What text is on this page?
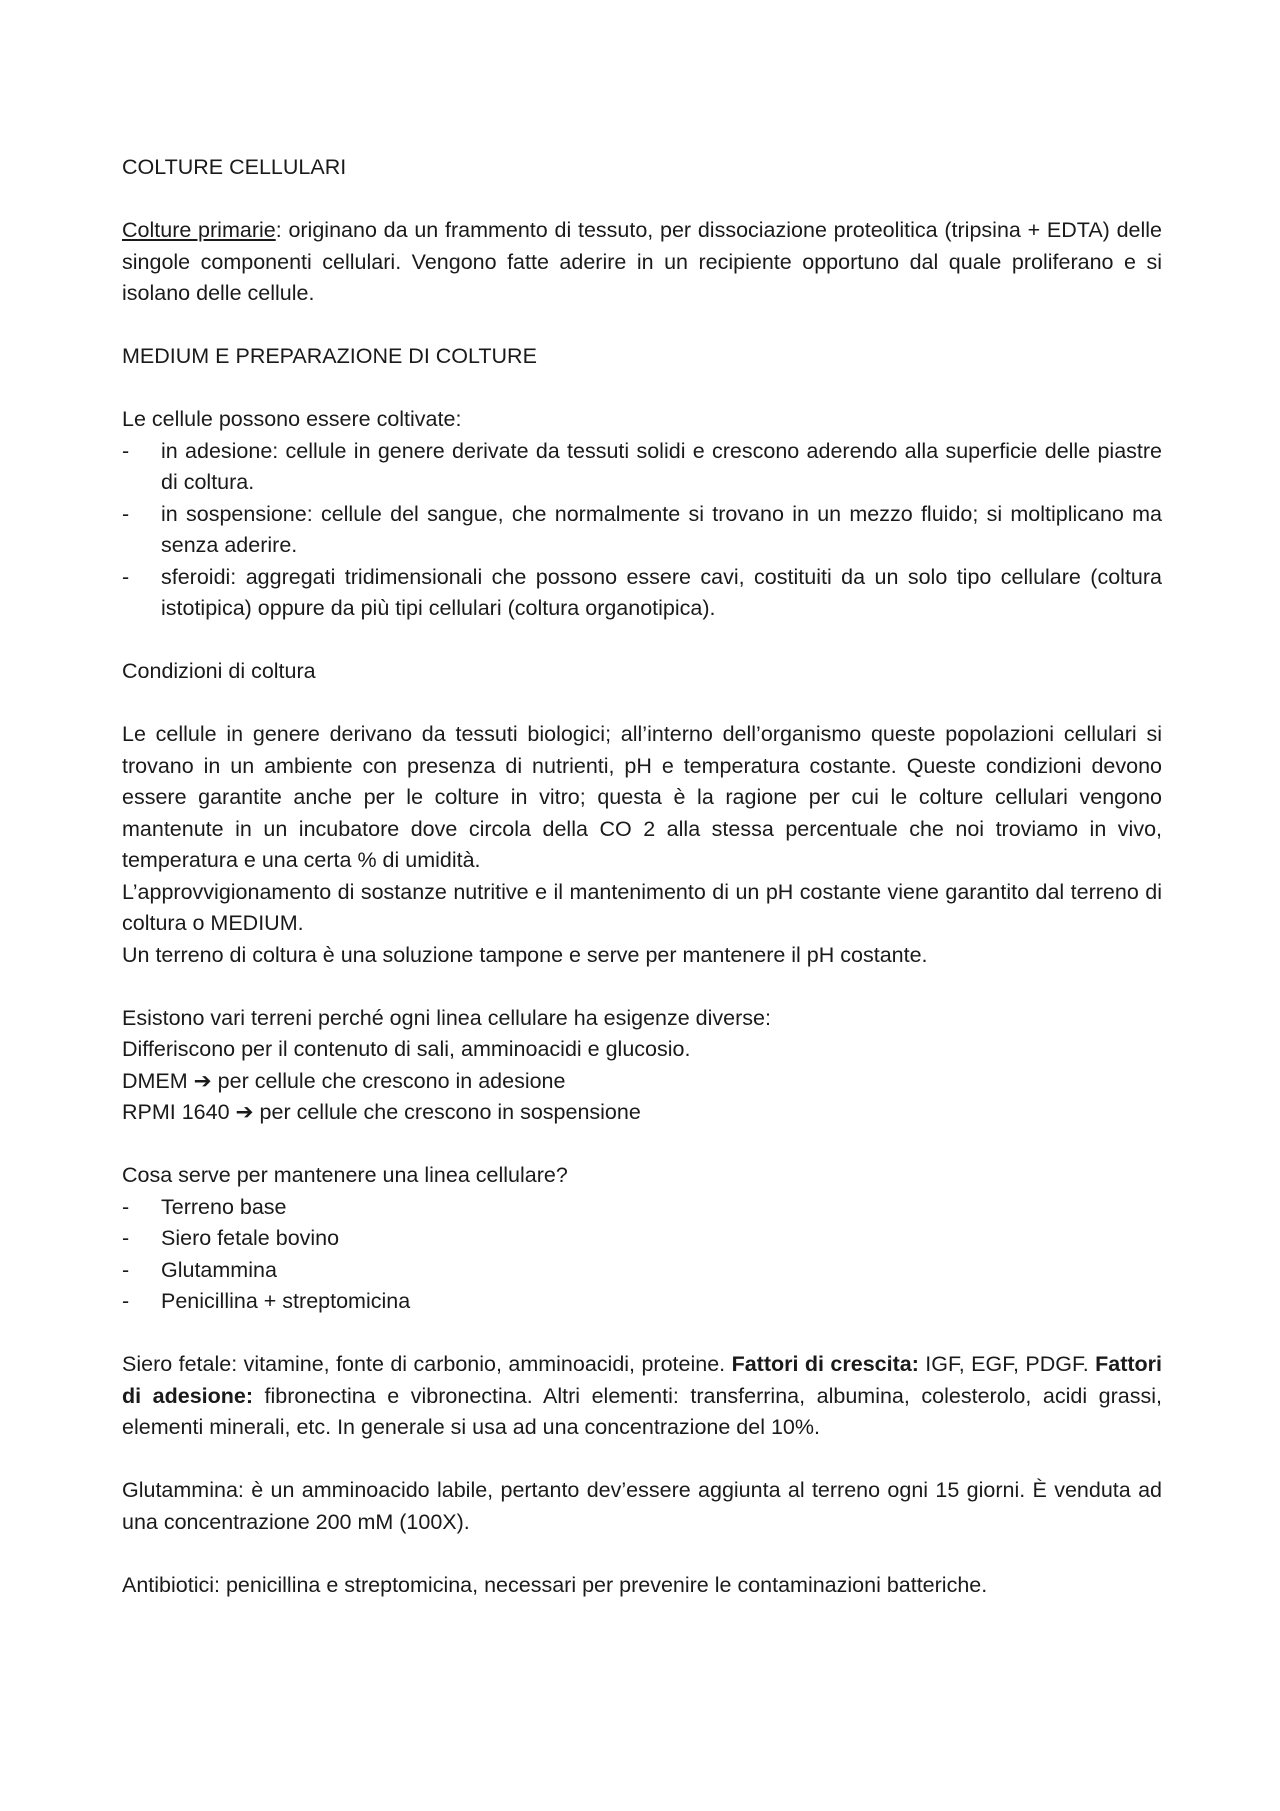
COLTURE CELLULARI

Colture primarie: originano da un frammento di tessuto, per dissociazione proteolitica (tripsina + EDTA) delle singole componenti cellulari. Vengono fatte aderire in un recipiente opportuno dal quale proliferano e si isolano delle cellule.

MEDIUM E PREPARAZIONE DI COLTURE

Le cellule possono essere coltivate:

-	in adesione: cellule in genere derivate da tessuti solidi e crescono aderendo alla superficie delle piastre di coltura.
-	in sospensione: cellule del sangue, che normalmente si trovano in un mezzo fluido; si moltiplicano ma senza aderire.
-	sferoidi: aggregati tridimensionali che possono essere cavi, costituiti da un solo tipo cellulare (coltura istotipica) oppure da più tipi cellulari (coltura organotipica).

Condizioni di coltura

Le cellule in genere derivano da tessuti biologici; all’interno dell’organismo queste popolazioni cellulari si trovano in un ambiente con presenza di nutrienti, pH e temperatura costante. Queste condizioni devono essere garantite anche per le colture in vitro; questa è la ragione per cui le colture cellulari vengono mantenute in un incubatore dove circola della CO 2 alla stessa percentuale che noi troviamo in vivo, temperatura e una certa % di umidità.

L’approvvigionamento di sostanze nutritive e il mantenimento di un pH costante viene garantito dal terreno di coltura o MEDIUM.

Un terreno di coltura è una soluzione tampone e serve per mantenere il pH costante.

Esistono vari terreni perché ogni linea cellulare ha esigenze diverse:

Differiscono per il contenuto di sali, amminoacidi e glucosio.

DMEM ➔ per cellule che crescono in adesione

RPMI 1640 ➔ per cellule che crescono in sospensione

Cosa serve per mantenere una linea cellulare?

-	Terreno base
-	Siero fetale bovino
-	Glutammina
-	Penicillina + streptomicina

Siero fetale: vitamine, fonte di carbonio, amminoacidi, proteine. Fattori di crescita: IGF, EGF, PDGF. Fattori di adesione: fibronectina e vibronectina. Altri elementi: transferrina, albumina, colesterolo, acidi grassi, elementi minerali, etc. In generale si usa ad una concentrazione del 10%.

Glutammina: è un amminoacido labile, pertanto dev’essere aggiunta al terreno ogni 15 giorni. È venduta ad una concentrazione 200 mM (100X).

Antibiotici: penicillina e streptomicina, necessari per prevenire le contaminazioni batteriche.
